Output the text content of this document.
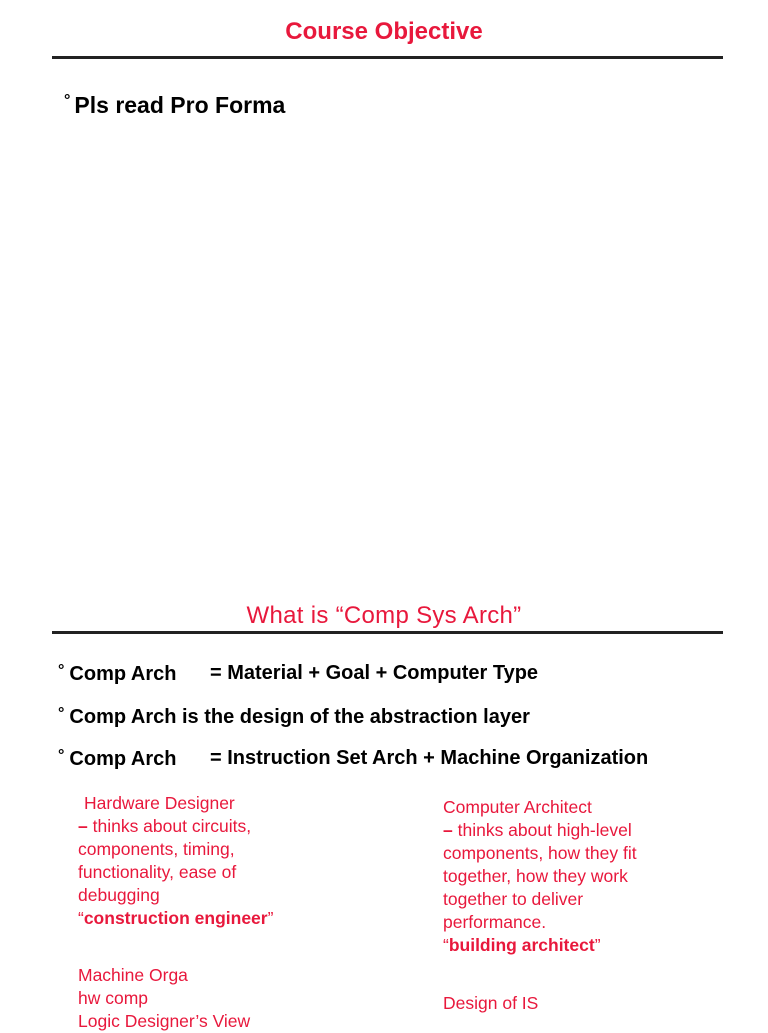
Course Objective
° Pls read Pro Forma
What is “Comp Sys Arch”
° Comp Arch = Material + Goal + Computer Type
° Comp Arch is the design of the abstraction layer
° Comp Arch = Instruction Set Arch + Machine Organization
Hardware Designer
– thinks about circuits,
components, timing,
functionality, ease of
debugging
“construction engineer”
Machine Orga
hw comp
Logic Designer’s View
Computer Architect
– thinks about high-level
components, how they fit
together, how they work
together to deliver
performance.
“building architect”
Design of IS
